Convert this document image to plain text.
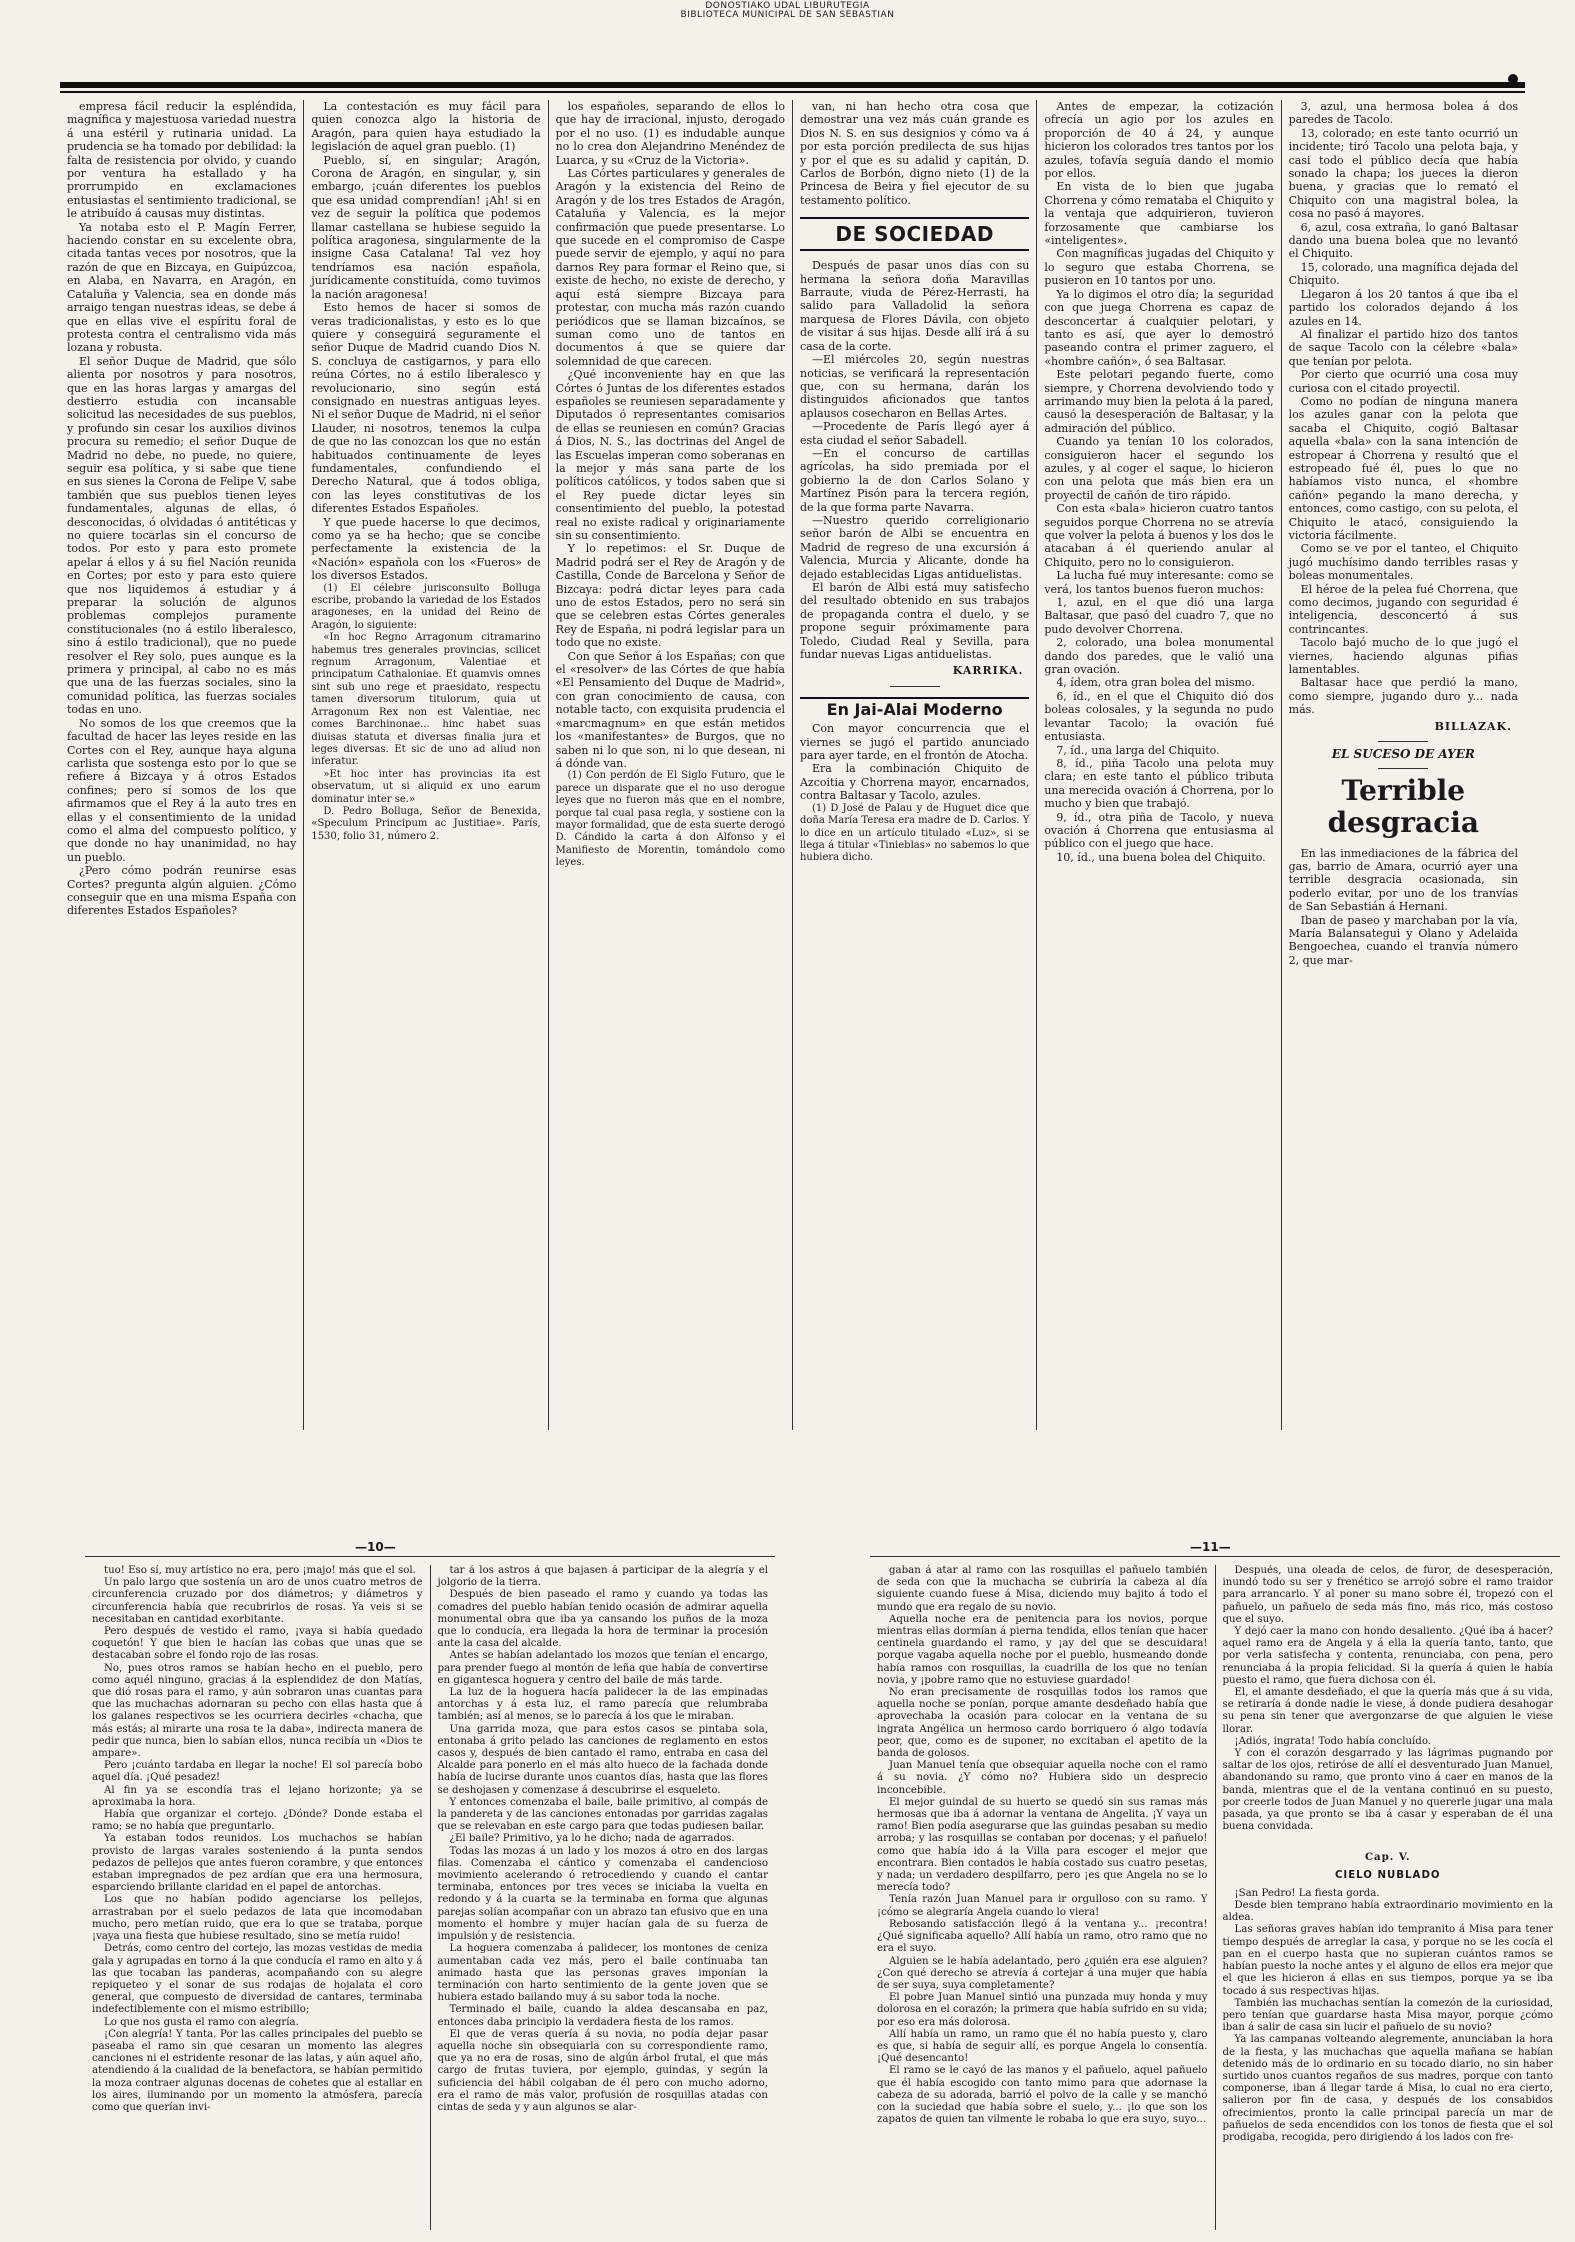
DONOSTIAKO UDAL LIBURUTEGIA
BIBLIOTECA MUNICIPAL DE SAN SEBASTIAN

empresa fácil reducir la espléndida, magnífica y majestuosa variedad nuestra á una estéril y rutinaria unidad. La prudencia se ha tomado por debilidad: la falta de resistencia por olvido, y cuando por ventura ha estallado y ha prorrumpido en exclamaciones entusiastas el sentimiento tradicional, se le atribuído á causas muy distintas.

Ya notaba esto el P. Magín Ferrer, haciendo constar en su excelente obra, citada tantas veces por nosotros, que la razón de que en Bizcaya, en Guipúzcoa, en Alaba, en Navarra, en Aragón, en Cataluña y Valencia, sea en donde más arraigo tengan nuestras ideas, se debe á que en ellas vive el espíritu foral de protesta contra el centralismo vida más lozana y robusta.

El señor Duque de Madrid, que sólo alienta por nosotros y para nosotros, que en las horas largas y amargas del destierro estudia con incansable solicitud las necesidades de sus pueblos, y profundo sin cesar los auxilios divinos procura su remedio; el señor Duque de Madrid no debe, no puede, no quiere, seguir esa política, y si sabe que tiene en sus sienes la Corona de Felipe V, sabe también que sus pueblos tienen leyes fundamentales, algunas de ellas, ó desconocidas, ó olvidadas ó antitéticas y no quiere tocarlas sin el concurso de todos. Por esto y para esto promete apelar á ellos y á su fiel Nación reunida en Cortes; por esto y para esto quiere que nos liquidemos á estudiar y á preparar la solución de algunos problemas complejos puramente constitucionales (no á estilo liberalesco, sino á estilo tradicional), que no puede resolver el Rey solo, pues aunque es la primera y principal, al cabo no es más que una de las fuerzas sociales, sino la comunidad política, las fuerzas sociales todas en uno.

No somos de los que creemos que la facultad de hacer las leyes reside en las Cortes con el Rey, aunque haya alguna carlista que sostenga esto por lo que se refiere á Bizcaya y á otros Estados confines; pero sí somos de los que afirmamos que el Rey á la auto tres en ellas y el consentimiento de la unidad como el alma del compuesto político, y que donde no hay unanimidad, no hay un pueblo.

¿Pero cómo podrán reunirse esas Cortes? pregunta algún alguien. ¿Cómo conseguir que en una misma España con diferentes Estados Españoles?

La contestación es muy fácil para quien conozca algo la historia de Aragón, para quien haya estudiado la legislación de aquel gran pueblo. (1)

Pueblo, sí, en singular; Aragón, Corona de Aragón, en singular, y, sin embargo, ¡cuán diferentes los pueblos que esa unidad comprendían! ¡Ah! si en vez de seguir la política que podemos llamar castellana se hubiese seguido la política aragonesa, singularmente de la insigne Casa Catalana! Tal vez hoy tendríamos esa nación española, jurídicamente constituída, como tuvimos la nación aragonesa!

Esto hemos de hacer si somos de veras tradicionalistas, y esto es lo que quiere y conseguirá seguramente el señor Duque de Madrid cuando Dios N. S. concluya de castigarnos, y para ello reúna Córtes, no á estilo liberalesco y revolucionario, sino según está consignado en nuestras antiguas leyes. Ni el señor Duque de Madrid, ni el señor Llauder, ni nosotros, tenemos la culpa de que no las conozcan los que no están habituados continuamente de leyes fundamentales, confundiendo el Derecho Natural, que á todos obliga, con las leyes constitutivas de los diferentes Estados Españoles.

Y que puede hacerse lo que decimos, como ya se ha hecho; que se concibe perfectamente la existencia de la «Nación» española con los «Fueros» de los diversos Estados.

(1) El célebre jurisconsulto Bolluga escribe, probando la variedad de los Estados aragoneses, en la unidad del Reino de Aragón, lo siguiente:

«In hoc Regno Arragonum citramarino habemus tres generales provincias, scilicet regnum Arragonum, Valentiae et principatum Cathaloniae. Et quamvis omnes sint sub uno rege et praesidato, respectu tamen diversorum titulorum, quia ut Arragonum Rex non est Valentiae, nec comes Barchinonae... hinc habet suas diuisas statuta et diversas finalia jura et leges diversas. Et sic de uno ad aliud non inferatur.

»Et hoc inter has provincias ita est observatum, ut si aliquid ex uno earum dominatur inter se.»

D. Pedro Bolluga, Señor de Benexida, «Speculum Principum ac Justitiae». París, 1530, folio 31, número 2.

los españoles, separando de ellos lo que hay de irracional, injusto, derogado por el no uso. (1) es indudable aunque no lo crea don Alejandrino Menéndez de Luarca, y su «Cruz de la Victoria».

Las Córtes particulares y generales de Aragón y la existencia del Reino de Aragón y de los tres Estados de Aragón, Cataluña y Valencia, es la mejor confirmación que puede presentarse. Lo que sucede en el compromiso de Caspe puede servir de ejemplo, y aquí no para darnos Rey para formar el Reino que, si existe de hecho, no existe de derecho, y aquí está siempre Bizcaya para protestar, con mucha más razón cuando periódicos que se llaman bizcaínos, se suman como uno de tantos en documentos á que se quiere dar solemnidad de que carecen.

¿Qué inconveniente hay en que las Córtes ó Juntas de los diferentes estados españoles se reuniesen separadamente y Diputados ó representantes comisarios de ellas se reuniesen en común? Gracias á Dios, N. S., las doctrinas del Angel de las Escuelas imperan como soberanas en la mejor y más sana parte de los políticos católicos, y todos saben que si el Rey puede dictar leyes sin consentimiento del pueblo, la potestad real no existe radical y originariamente sin su consentimiento.

Y lo repetimos: el Sr. Duque de Madrid podrá ser el Rey de Aragón y de Castilla, Conde de Barcelona y Señor de Bizcaya: podrá dictar leyes para cada uno de estos Estados, pero no será sin que se celebren estas Córtes generales Rey de España, ni podrá legislar para un todo que no existe.

Con que Señor á los Españas; con que el «resolver» de las Córtes de que había «El Pensamiento del Duque de Madrid», con gran conocimiento de causa, con notable tacto, con exquisita prudencia el «marcmagnum» en que están metidos los «manifestantes» de Burgos, que no saben ni lo que son, ni lo que desean, ni á dónde van.

(1) Con perdón de El Siglo Futuro, que le parece un disparate que el no uso derogue leyes que no fueron más que en el nombre, porque tal cual pasa regla, y sostiene con la mayor formalidad, que de esta suerte derogó D. Cándido la carta á don Alfonso y el Manifiesto de Morentin, tomándolo como leyes.

van, ni han hecho otra cosa que demostrar una vez más cuán grande es Dios N. S. en sus designios y cómo va á por esta porción predilecta de sus hijas y por el que es su adalid y capitán, D. Carlos de Borbón, digno nieto (1) de la Princesa de Beira y fiel ejecutor de su testamento político.

DE SOCIEDAD

Después de pasar unos días con su hermana la señora doña Maravillas Barraute, viuda de Pérez-Herrasti, ha salido para Valladolid la señora marquesa de Flores Dávila, con objeto de visitar á sus hijas. Desde allí irá á su casa de la corte.

—El miércoles 20, según nuestras noticias, se verificará la representación que, con su hermana, darán los distinguidos aficionados que tantos aplausos cosecharon en Bellas Artes.

—Procedente de París llegó ayer á esta ciudad el señor Sabadell.

—En el concurso de cartillas agrícolas, ha sido premiada por el gobierno la de don Carlos Solano y Martínez Pisón para la tercera región, de la que forma parte Navarra.

—Nuestro querido correligionario señor barón de Albi se encuentra en Madrid de regreso de una excursión á Valencia, Murcia y Alicante, donde ha dejado establecidas Ligas antiduelistas.

El barón de Albi está muy satisfecho del resultado obtenido en sus trabajos de propaganda contra el duelo, y se propone seguir próximamente para Toledo, Ciudad Real y Sevilla, para fundar nuevas Ligas antiduelistas.

KARRIKA.
En Jai-Alai Moderno

Con mayor concurrencia que el viernes se jugó el partido anunciado para ayer tarde, en el frontón de Atocha.

Era la combinación Chiquito de Azcoitia y Chorrena mayor, encarnados, contra Baltasar y Tacolo, azules.

(1) D José de Palau y de Huguet dice que doña María Teresa era madre de D. Carlos. Y lo dice en un artículo titulado «Luz», si se llega á titular «Tinieblas» no sabemos lo que hubiera dicho.

Antes de empezar, la cotización ofrecía un agio por los azules en proporción de 40 á 24, y aunque hicieron los colorados tres tantos por los azules, tofavía seguía dando el momio por ellos.

En vista de lo bien que jugaba Chorrena y cómo remataba el Chiquito y la ventaja que adquirieron, tuvieron forzosamente que cambiarse los «inteligentes».

Con magníficas jugadas del Chiquito y lo seguro que estaba Chorrena, se pusieron en 10 tantos por uno.

Ya lo digimos el otro día; la seguridad con que juega Chorrena es capaz de desconcertar á cualquier pelotari, y tanto es así, que ayer lo demostró paseando contra el primer zaguero, el «hombre cañón», ó sea Baltasar.

Este pelotari pegando fuerte, como siempre, y Chorrena devolviendo todo y arrimando muy bien la pelota á la pared, causó la desesperación de Baltasar, y la admiración del público.

Cuando ya tenían 10 los colorados, consiguieron hacer el segundo los azules, y al coger el saque, lo hicieron con una pelota que más bien era un proyectil de cañón de tiro rápido.

Con esta «bala» hicieron cuatro tantos seguidos porque Chorrena no se atrevía que volver la pelota á buenos y los dos le atacaban á él queriendo anular al Chiquito, pero no lo consiguieron.

La lucha fué muy interesante: como se verá, los tantos buenos fueron muchos:

1, azul, en el que dió una larga Baltasar, que pasó del cuadro 7, que no pudo devolver Chorrena.

2, colorado, una bolea monumental dando dos paredes, que le valió una gran ovación.

4, ídem, otra gran bolea del mismo.

6, íd., en el que el Chiquito dió dos boleas colosales, y la segunda no pudo levantar Tacolo; la ovación fué entusiasta.

7, íd., una larga del Chiquito.

8, íd., piña Tacolo una pelota muy clara; en este tanto el público tributa una merecida ovación á Chorrena, por lo mucho y bien que trabajó.

9, íd., otra piña de Tacolo, y nueva ovación á Chorrena que entusiasma al público con el juego que hace.

10, íd., una buena bolea del Chiquito.

3, azul, una hermosa bolea á dos paredes de Tacolo.

13, colorado; en este tanto ocurrió un incidente; tiró Tacolo una pelota baja, y casi todo el público decía que había sonado la chapa; los jueces la dieron buena, y gracias que lo remató el Chiquito con una magistral bolea, la cosa no pasó á mayores.

6, azul, cosa extraña, lo ganó Baltasar dando una buena bolea que no levantó el Chiquito.

15, colorado, una magnífica dejada del Chiquito.

Llegaron á los 20 tantos á que iba el partido los colorados dejando á los azules en 14.

Al finalizar el partido hizo dos tantos de saque Tacolo con la célebre «bala» que tenían por pelota.

Por cierto que ocurrió una cosa muy curiosa con el citado proyectil.

Como no podían de ninguna manera los azules ganar con la pelota que sacaba el Chiquito, cogió Baltasar aquella «bala» con la sana intención de estropear á Chorrena y resultó que el estropeado fué él, pues lo que no habíamos visto nunca, el «hombre cañón» pegando la mano derecha, y entonces, como castigo, con su pelota, el Chiquito le atacó, consiguiendo la victoria fácilmente.

Como se ve por el tanteo, el Chiquito jugó muchísimo dando terribles rasas y boleas monumentales.

El héroe de la pelea fué Chorrena, que como decimos, jugando con seguridad é inteligencia, desconcertó á sus contrincantes.

Tacolo bajó mucho de lo que jugó el viernes, haciendo algunas pifias lamentables.

Baltasar hace que perdió la mano, como siempre, jugando duro y... nada más.

BILLAZAK.
EL SUCESO DE AYER
Terrible desgracia

En las inmediaciones de la fábrica del gas, barrio de Amara, ocurrió ayer una terrible desgracia ocasionada, sin poderlo evitar, por uno de los tranvías de San Sebastián á Hernani.

Iban de paseo y marchaban por la vía, María Balansategui y Olano y Adelaida Bengoechea, cuando el tranvía número 2, que mar-

—10—	—11—

tuo! Eso sí, muy artístico no era, pero ¡majo! más que el sol.

Un palo largo que sostenía un aro de unos cuatro metros de circunferencia cruzado por dos diámetros; y diámetros y circunferencia había que recubrirlos de rosas. Ya veis si se necesitaban en cantidad exorbitante.

Pero después de vestido el ramo, ¡vaya si había quedado coquetón! Y que bien le hacían las cobas que unas que se destacaban sobre el fondo rojo de las rosas.

No, pues otros ramos se habían hecho en el pueblo, pero como aquél ninguno, gracias á la esplendidez de don Matías, que dió rosas para el ramo, y aún sobraron unas cuantas para que las muchachas adornaran su pecho con ellas hasta que á los galanes respectivos se les ocurriera decirles «chacha, que más estás; al mirarte una rosa te la daba», indirecta manera de pedir que nunca, bien lo sabían ellos, nunca recibía un «Dios te ampare».

Pero ¡cuánto tardaba en llegar la noche! El sol parecía bobo aquel día. ¡Qué pesadez!

Al fin ya se escondía tras el lejano horizonte; ya se aproximaba la hora.

Había que organizar el cortejo. ¿Dónde? Donde estaba el ramo; se no había que preguntarlo.

Ya estaban todos reunidos. Los muchachos se habían provisto de largas varales sosteniendo á la punta sendos pedazos de pellejos que antes fueron corambre, y que entonces estaban impregnados de pez ardían que era una hermosura, esparciendo brillante claridad en el papel de antorchas.

Los que no habían podido agenciarse los pellejos, arrastraban por el suelo pedazos de lata que incomodaban mucho, pero metían ruido, que era lo que se trataba, porque ¡vaya una fiesta que hubiese resultado, sino se metía ruido!

Detrás, como centro del cortejo, las mozas vestidas de media gala y agrupadas en torno á la que conducía el ramo en alto y á las que tocaban las panderas, acompañando con su alegre repiqueteo y el sonar de sus rodajas de hojalata el coro general, que compuesto de diversidad de cantares, terminaba indefectiblemente con el mismo estribillo;

Lo que nos gusta el ramo con alegría.

¡Con alegría! Y tanta. Por las calles principales del pueblo se paseaba el ramo sin que cesaran un momento las alegres canciones ni el estridente resonar de las latas, y aún aquel año, atendiendo á la cualidad de la benefactora, se habían permitido la moza contraer algunas docenas de cohetes que al estallar en los aires, iluminando por un momento la atmósfera, parecía como que querían invi-

tar á los astros á que bajasen á participar de la alegría y el jolgorio de la tierra.

Después de bien paseado el ramo y cuando ya todas las comadres del pueblo habían tenido ocasión de admirar aquella monumental obra que iba ya cansando los puños de la moza que lo conducía, era llegada la hora de terminar la procesión ante la casa del alcalde.

Antes se habían adelantado los mozos que tenían el encargo, para prender fuego al montón de leña que había de convertirse en gigantesca hoguera y centro del baile de más tarde.

La luz de la hoguera hacía palidecer la de las empinadas antorchas y á esta luz, el ramo parecía que relumbraba también; así al menos, se lo parecía á los que le miraban.

Una garrida moza, que para estos casos se pintaba sola, entonaba á grito pelado las canciones de reglamento en estos casos y, después de bien cantado el ramo, entraba en casa del Alcalde para ponerlo en el más alto hueco de la fachada donde había de lucirse durante unos cuantos días, hasta que las flores se deshojasen y comenzase á descubrirse el esqueleto.

Y entonces comenzaba el baile, baile primitivo, al compás de la pandereta y de las canciones entonadas por garridas zagalas que se relevaban en este cargo para que todas pudiesen bailar.

¿El baile? Primitivo, ya lo he dicho; nada de agarrados.

Todas las mozas á un lado y los mozos á otro en dos largas filas. Comenzaba el cántico y comenzaba el candencioso movimiento acelerando ó retrocediendo y cuando el cantar terminaba, entonces por tres veces se iniciaba la vuelta en redondo y á la cuarta se la terminaba en forma que algunas parejas solían acompañar con un abrazo tan efusivo que en una momento el hombre y mujer hacían gala de su fuerza de impulsión y de resistencia.

La hoguera comenzaba á palidecer, los montones de ceniza aumentaban cada vez más, pero el baile continuaba tan animado hasta que las personas graves imponían la terminación con harto sentimiento de la gente joven que se hubiera estado bailando muy á su sabor toda la noche.

Terminado el baile, cuando la aldea descansaba en paz, entonces daba principio la verdadera fiesta de los ramos.

El que de veras quería á su novia, no podía dejar pasar aquella noche sin obsequiarla con su correspondiente ramo, que ya no era de rosas, sino de algún árbol frutal, el que más cargo de frutas tuviera, por ejemplo, guindas, y según la suficiencia del hábil colgaban de él pero con mucho adorno, era el ramo de más valor, profusión de rosquillas atadas con cintas de seda y y aun algunos se alar-

gaban á atar al ramo con las rosquillas el pañuelo también de seda con que la muchacha se cubriría la cabeza al día siguiente cuando fuese á Misa, diciendo muy bajito á todo el mundo que era regalo de su novio.

Aquella noche era de penitencia para los novios, porque mientras ellas dormían á pierna tendida, ellos tenían que hacer centinela guardando el ramo, y ¡ay del que se descuidara! porque vagaba aquella noche por el pueblo, husmeando donde había ramos con rosquillas, la cuadrilla de los que no tenían novia, y ¡pobre ramo que no estuviese guardado!

No eran precisamente de rosquillas todos los ramos que aquella noche se ponían, porque amante desdeñado había que aprovechaba la ocasión para colocar en la ventana de su ingrata Angélica un hermoso cardo borriquero ó algo todavía peor, que, como es de suponer, no excitaban el apetito de la banda de golosos.

Juan Manuel tenía que obsequiar aquella noche con el ramo á su novia. ¿Y cómo no? Hubiera sido un desprecio inconcebible.

El mejor guindal de su huerto se quedó sin sus ramas más hermosas que iba á adornar la ventana de Angelita. ¡Y vaya un ramo! Bien podía asegurarse que las guindas pesaban su medio arroba; y las rosquillas se contaban por docenas; y el pañuelo! como que había ido á la Villa para escoger el mejor que encontrara. Bien contados le había costado sus cuatro pesetas, y nada; un verdadero despilfarro, pero ¡es que Angela no se lo merecía todo?

Tenía razón Juan Manuel para ir orgulloso con su ramo. Y ¡cómo se alegraría Angela cuando lo viera!

Rebosando satisfacción llegó á la ventana y... ¡recontra! ¿Qué significaba aquello? Allí había un ramo, otro ramo que no era el suyo.

Alguien se le había adelantado, pero ¿quién era ese alguien? ¿Con qué derecho se atrevía á cortejar á una mujer que había de ser suya, suya completamente?

El pobre Juan Manuel sintió una punzada muy honda y muy dolorosa en el corazón; la primera que había sufrido en su vida; por eso era más dolorosa.

Allí había un ramo, un ramo que él no había puesto y, claro es que, si había de seguir allí, es porque Angela lo consentía. ¡Qué desencanto!

El ramo se le cayó de las manos y el pañuelo, aquel pañuelo que él había escogido con tanto mimo para que adornase la cabeza de su adorada, barrió el polvo de la calle y se manchó con la suciedad que había sobre el suelo, y... ¡lo que son los zapatos de quien tan vilmente le robaba lo que era suyo, suyo...

Después, una oleada de celos, de furor, de desesperación, inundó todo su ser y frenético se arrojó sobre el ramo traidor para arrancarlo. Y al poner su mano sobre él, tropezó con el pañuelo, un pañuelo de seda más fino, más rico, más costoso que el suyo.

Y dejó caer la mano con hondo desaliento. ¿Qué iba á hacer? aquel ramo era de Angela y á ella la quería tanto, tanto, que por verla satisfecha y contenta, renunciaba, con pena, pero renunciaba á la propia felicidad. Si la quería á quien le había puesto el ramo, que fuera dichosa con él.

El, el amante desdeñado, el que la quería más que á su vida, se retiraría á donde nadie le viese, á donde pudiera desahogar su pena sin tener que avergonzarse de que alguien le viese llorar.

¡Adiós, ingrata! Todo había concluído.

Y con el corazón desgarrado y las lágrimas pugnando por saltar de los ojos, retiróse de allí el desventurado Juan Manuel, abandonando su ramo, que pronto vino á caer en manos de la banda, mientras que el de la ventana continuó en su puesto, por creerle todos de Juan Manuel y no quererle jugar una mala pasada, ya que pronto se iba á casar y esperaban de él una buena convidada.

Cap. V.
CIELO NUBLADO

¡San Pedro! La fiesta gorda.

Desde bien temprano había extraordinario movimiento en la aldea.

Las señoras graves habían ido tempranito á Misa para tener tiempo después de arreglar la casa, y porque no se les cocía el pan en el cuerpo hasta que no supieran cuántos ramos se habían puesto la noche antes y el alguno de ellos era mejor que el que les hicieron á ellas en sus tiempos, porque ya se iba tocado á sus respectivas hijas.

También las muchachas sentían la comezón de la curiosidad, pero tenían que guardarse hasta Misa mayor, porque ¿cómo iban á salir de casa sin lucir el pañuelo de su novio?

Ya las campanas volteando alegremente, anunciaban la hora de la fiesta, y las muchachas que aquella mañana se habían detenido más de lo ordinario en su tocado diario, no sin haber surtido unos cuantos regaños de sus madres, porque con tanto componerse, iban á llegar tarde á Misa, lo cual no era cierto, salieron por fin de casa, y después de los consabidos ofrecimientos, pronto la calle principal parecía un mar de pañuelos de seda encendidos con los tonos de fiesta que el sol prodigaba, recogida, pero dirigiendo á los lados con fre-
